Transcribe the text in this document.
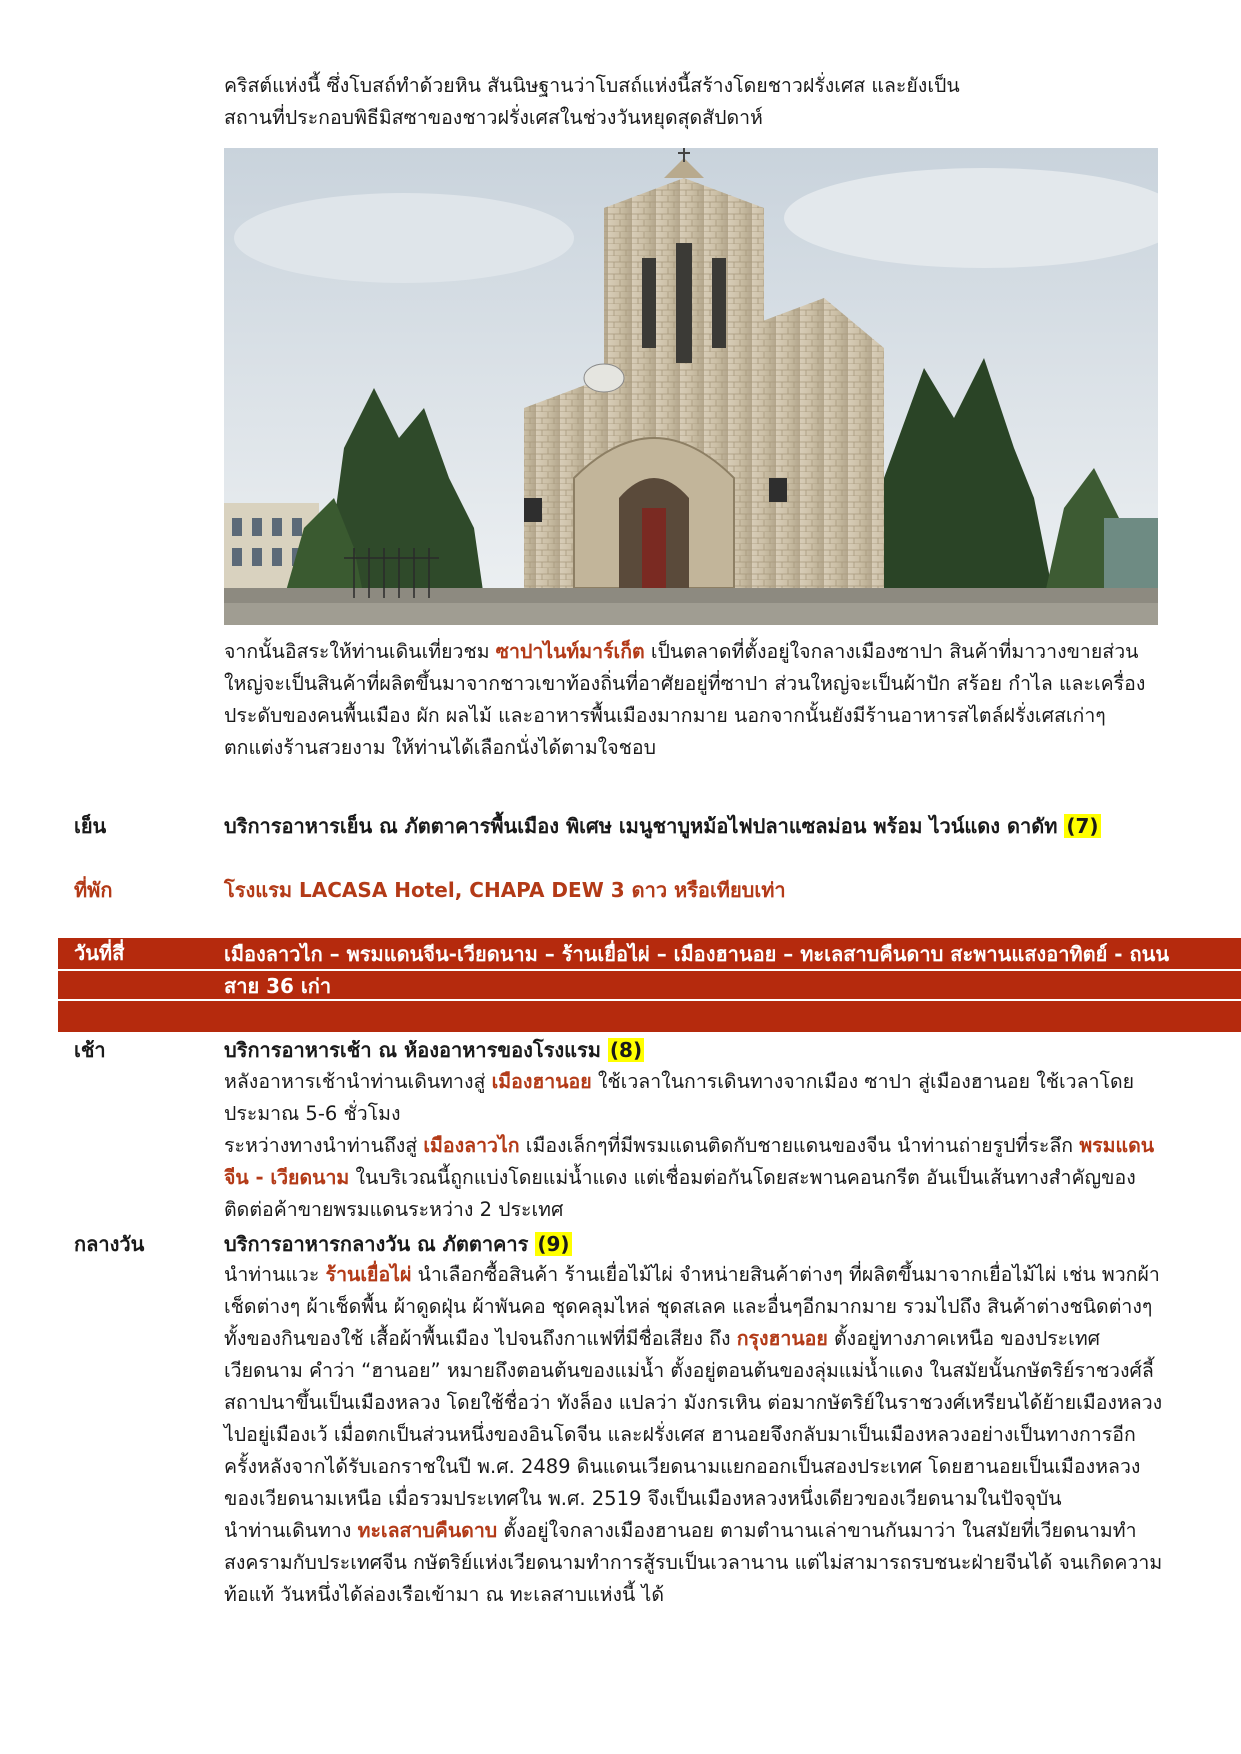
คริสต์แห่งนี้ ซึ่งโบสถ์ทำด้วยหิน สันนิษฐานว่าโบสถ์แห่งนี้สร้างโดยชาวฝรั่งเศส และยังเป็น

สถานที่ประกอบพิธีมิสซาของชาวฝรั่งเศสในช่วงวันหยุดสุดสัปดาห์

จากนั้นอิสระให้ท่านเดินเที่ยวชม ซาปาไนท์มาร์เก็ต เป็นตลาดที่ตั้งอยู่ใจกลางเมืองซาปา สินค้าที่มาวางขายส่วนใหญ่จะเป็นสินค้าที่ผลิตขึ้นมาจากชาวเขาท้องถิ่นที่อาศัยอยู่ที่ซาปา ส่วนใหญ่จะเป็นผ้าปัก สร้อย กำไล และเครื่องประดับของคนพื้นเมือง ผัก ผลไม้ และอาหารพื้นเมืองมากมาย นอกจากนั้นยังมีร้านอาหารสไตล์ฝรั่งเศสเก่าๆ ตกแต่งร้านสวยงาม ให้ท่านได้เลือกนั่งได้ตามใจชอบ
เย็น	บริการอาหารเย็น ณ ภัตตาคารพื้นเมือง พิเศษ เมนูชาบูหม้อไฟปลาแซลม่อน พร้อม ไวน์แดง ดาดัท (7)
ที่พัก	โรงแรม LACASA Hotel, CHAPA DEW 3 ดาว หรือเทียบเท่า
วันที่สี่	เมืองลาวไก – พรมแดนจีน-เวียดนาม – ร้านเยื่อไผ่ – เมืองฮานอย – ทะเลสาบคืนดาบ สะพานแสงอาทิตย์ - ถนนสาย 36 เก่า
เช้า	บริการอาหารเช้า ณ ห้องอาหารของโรงแรม (8)

หลังอาหารเช้านำท่านเดินทางสู่ เมืองฮานอย ใช้เวลาในการเดินทางจากเมือง ซาปา สู่เมืองฮานอย ใช้เวลาโดยประมาณ 5-6 ชั่วโมง

ระหว่างทางนำท่านถึงสู่ เมืองลาวไก เมืองเล็กๆที่มีพรมแดนติดกับชายแดนของจีน นำท่านถ่ายรูปที่ระลึก พรมแดนจีน - เวียดนาม ในบริเวณนี้ถูกแบ่งโดยแม่น้ำแดง แต่เชื่อมต่อกันโดยสะพานคอนกรีต อันเป็นเส้นทางสำคัญของติดต่อค้าขายพรมแดนระหว่าง 2 ประเทศ

กลางวัน	บริการอาหารกลางวัน ณ ภัตตาคาร (9)

นำท่านแวะ ร้านเยื่อไผ่ นำเลือกซื้อสินค้า ร้านเยื่อไม้ไผ่ จำหน่ายสินค้าต่างๆ ที่ผลิตขึ้นมาจากเยื่อไม้ไผ่ เช่น พวกผ้าเช็ดต่างๆ ผ้าเช็ดพื้น ผ้าดูดฝุ่น ผ้าพันคอ ชุดคลุมไหล่ ชุดสเลค และอื่นๆอีกมากมาย รวมไปถึง สินค้าต่างชนิดต่างๆ ทั้งของกินของใช้ เสื้อผ้าพื้นเมือง ไปจนถึงกาแฟที่มีชื่อเสียง ถึง กรุงฮานอย ตั้งอยู่ทางภาคเหนือ ของประเทศเวียดนาม คำว่า “ฮานอย” หมายถึงตอนต้นของแม่น้ำ ตั้งอยู่ตอนต้นของลุ่มแม่น้ำแดง ในสมัยนั้นกษัตริย์ราชวงศ์ลี้สถาปนาขึ้นเป็นเมืองหลวง โดยใช้ชื่อว่า ทังล็อง แปลว่า มังกรเหิน ต่อมากษัตริย์ในราชวงศ์เหรียนได้ย้ายเมืองหลวงไปอยู่เมืองเว้ เมื่อตกเป็นส่วนหนึ่งของอินโดจีน และฝรั่งเศส ฮานอยจึงกลับมาเป็นเมืองหลวงอย่างเป็นทางการอีกครั้งหลังจากได้รับเอกราชในปี พ.ศ. 2489 ดินแดนเวียดนามแยกออกเป็นสองประเทศ โดยฮานอยเป็นเมืองหลวงของเวียดนามเหนือ เมื่อรวมประเทศใน พ.ศ. 2519 จึงเป็นเมืองหลวงหนึ่งเดียวของเวียดนามในปัจจุบัน

นำท่านเดินทาง ทะเลสาบคืนดาบ ตั้งอยู่ใจกลางเมืองฮานอย ตามตำนานเล่าขานกันมาว่า ในสมัยที่เวียดนามทำสงครามกับประเทศจีน กษัตริย์แห่งเวียดนามทำการสู้รบเป็นเวลานาน แต่ไม่สามารถรบชนะฝ่ายจีนได้ จนเกิดความท้อแท้ วันหนึ่งได้ล่องเรือเข้ามา ณ ทะเลสาบแห่งนี้ ได้
